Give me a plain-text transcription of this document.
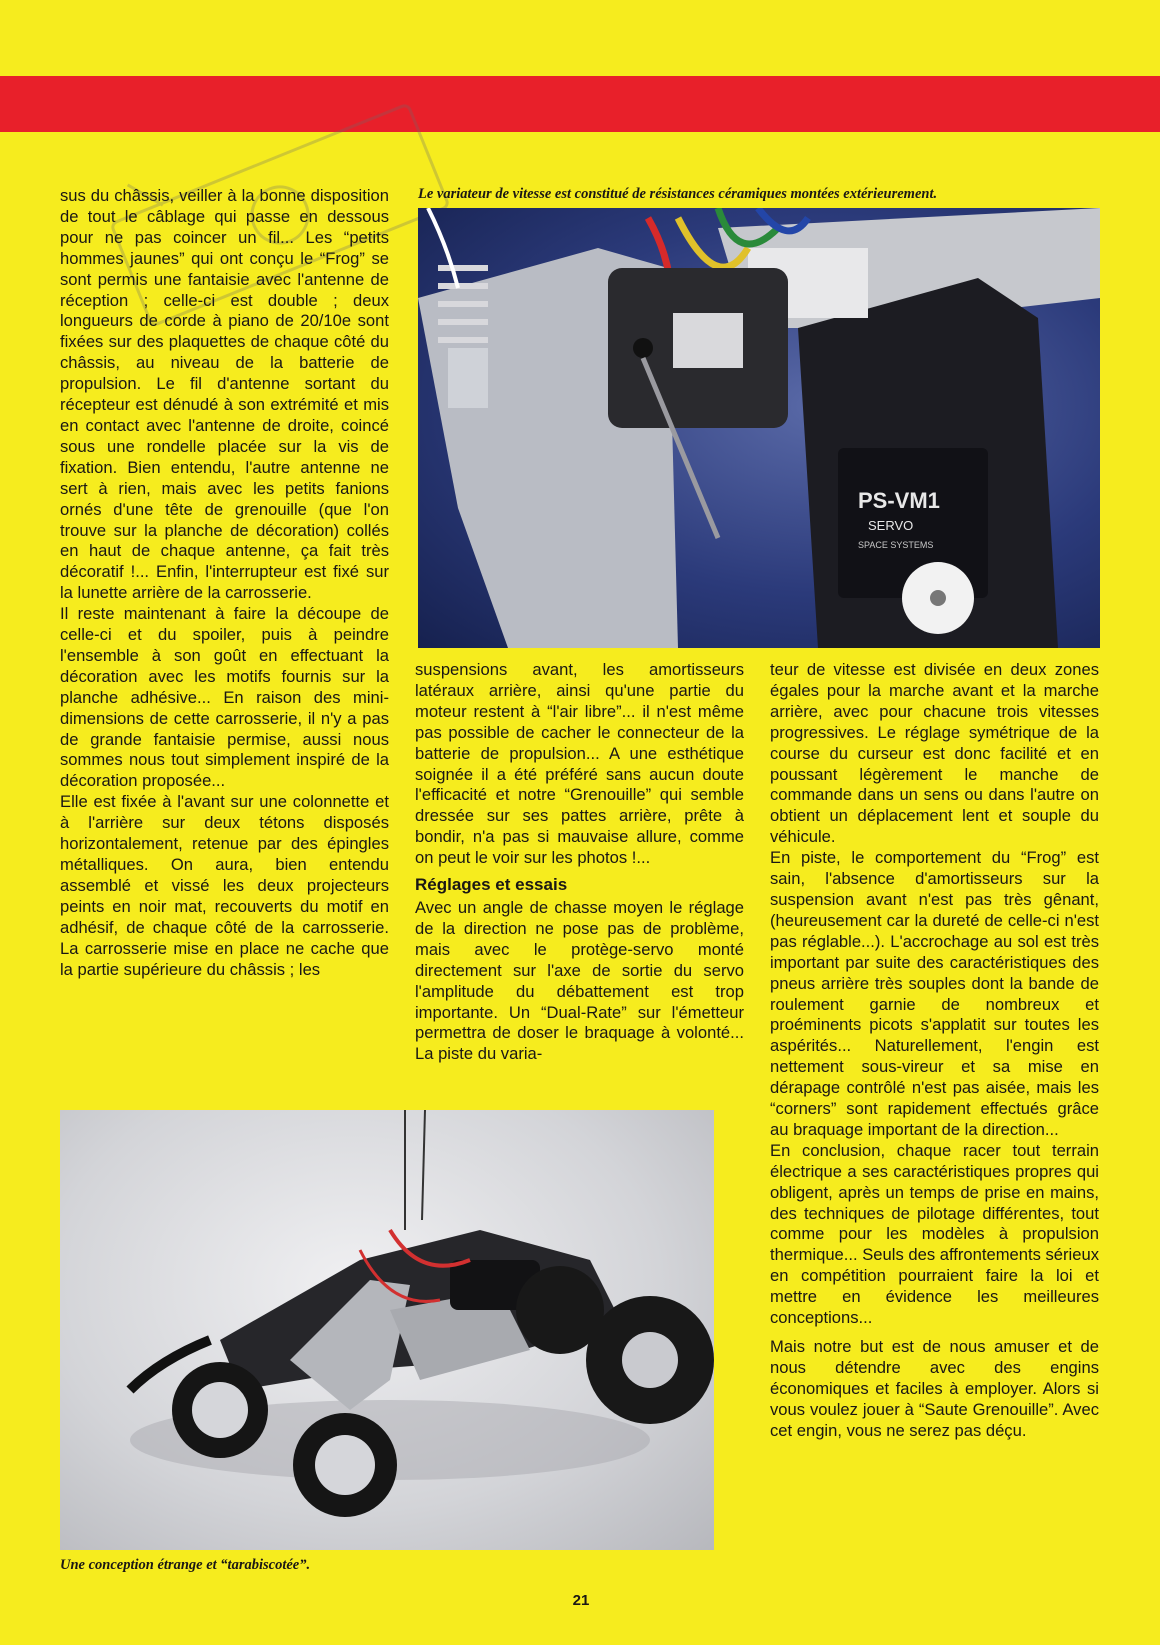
sus du châssis, veiller à la bonne disposition de tout le câblage qui passe en dessous pour ne pas coincer un fil... Les “petits hommes jaunes” qui ont conçu le “Frog” se sont permis une fantaisie avec l'antenne de réception ; celle-ci est double ; deux longueurs de corde à piano de 20/10e sont fixées sur des plaquettes de chaque côté du châssis, au niveau de la batterie de propulsion. Le fil d'antenne sortant du récepteur est dénudé à son extrémité et mis en contact avec l'antenne de droite, coincé sous une rondelle placée sur la vis de fixation. Bien entendu, l'autre antenne ne sert à rien, mais avec les petits fanions ornés d'une tête de grenouille (que l'on trouve sur la planche de décoration) collés en haut de chaque antenne, ça fait très décoratif !... Enfin, l'interrupteur est fixé sur la lunette arrière de la carrosserie.

Il reste maintenant à faire la découpe de celle-ci et du spoiler, puis à peindre l'ensemble à son goût en effectuant la décoration avec les motifs fournis sur la planche adhésive... En raison des mini-dimensions de cette carrosserie, il n'y a pas de grande fantaisie permise, aussi nous sommes nous tout simplement inspiré de la décoration proposée...

Elle est fixée à l'avant sur une colonnette et à l'arrière sur deux tétons disposés horizontalement, retenue par des épingles métalliques. On aura, bien entendu assemblé et vissé les deux projecteurs peints en noir mat, recouverts du motif en adhésif, de chaque côté de la carrosserie. La carrosserie mise en place ne cache que la partie supérieure du châssis ; les

Le variateur de vitesse est constitué de résistances céramiques montées extérieurement.
PS-VM1
SERVO
SPACE SYSTEMS

suspensions avant, les amortisseurs latéraux arrière, ainsi qu'une partie du moteur restent à “l'air libre”... il n'est même pas possible de cacher le connecteur de la batterie de propulsion... A une esthétique soignée il a été préféré sans aucun doute l'efficacité et notre “Grenouille” qui semble dressée sur ses pattes arrière, prête à bondir, n'a pas si mauvaise allure, comme on peut le voir sur les photos !...

Réglages et essais

Avec un angle de chasse moyen le réglage de la direction ne pose pas de problème, mais avec le protège-servo monté directement sur l'axe de sortie du servo l'amplitude du débattement est trop importante. Un “Dual-Rate” sur l'émetteur permettra de doser le braquage à volonté... La piste du varia-

teur de vitesse est divisée en deux zones égales pour la marche avant et la marche arrière, avec pour chacune trois vitesses progressives. Le réglage symétrique de la course du curseur est donc facilité et en poussant légèrement le manche de commande dans un sens ou dans l'autre on obtient un déplacement lent et souple du véhicule.

En piste, le comportement du “Frog” est sain, l'absence d'amortisseurs sur la suspension avant n'est pas très gênant, (heureusement car la dureté de celle-ci n'est pas réglable...). L'accrochage au sol est très important par suite des caractéristiques des pneus arrière très souples dont la bande de roulement garnie de nombreux et proéminents picots s'applatit sur toutes les aspérités... Naturellement, l'engin est nettement sous-vireur et sa mise en dérapage contrôlé n'est pas aisée, mais les “corners” sont rapidement effectués grâce au braquage important de la direction...

En conclusion, chaque racer tout terrain électrique a ses caractéristiques propres qui obligent, après un temps de prise en mains, des techniques de pilotage différentes, tout comme pour les modèles à propulsion thermique... Seuls des affrontements sérieux en compétition pourraient faire la loi et mettre en évidence les meilleures conceptions...

Mais notre but est de nous amuser et de nous détendre avec des engins économiques et faciles à employer. Alors si vous voulez jouer à “Saute Grenouille”. Avec cet engin, vous ne serez pas déçu.

Une conception étrange et “tarabiscotée”.
21
